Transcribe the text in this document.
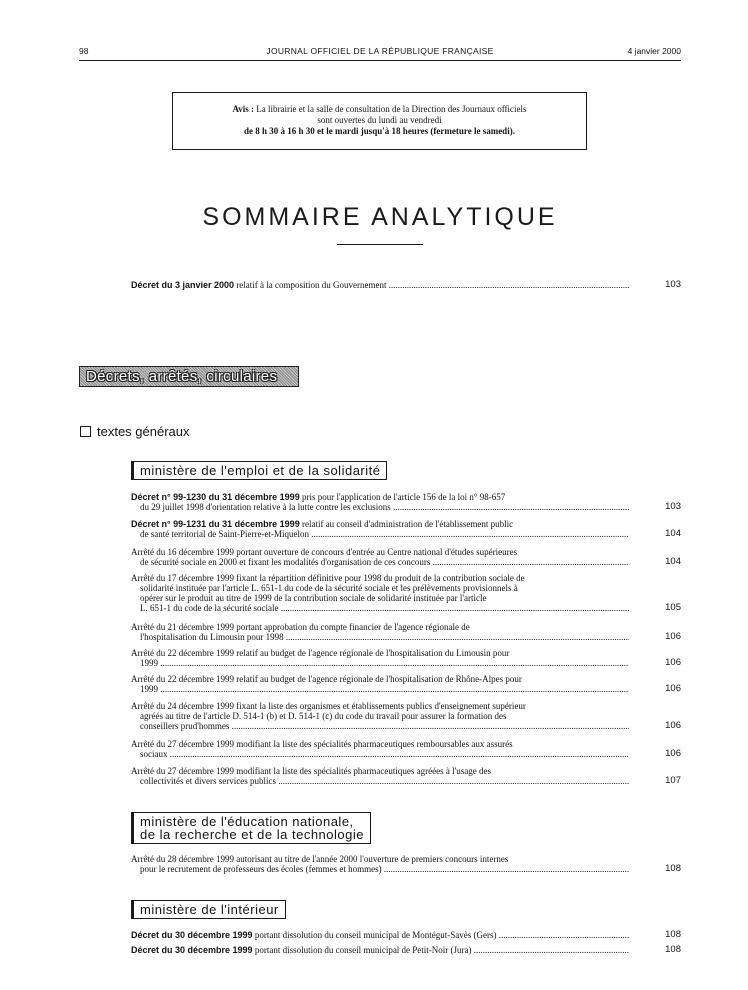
98	JOURNAL OFFICIEL DE LA RÉPUBLIQUE FRANÇAISE	4 janvier 2000
Avis : La librairie et la salle de consultation de la Direction des Journaux officiels
sont ouvertes du lundi au vendredi
de 8 h 30 à 16 h 30 et le mardi jusqu'à 18 heures (fermeture le samedi).
SOMMAIRE ANALYTIQUE
Décret du 3 janvier 2000 relatif à la composition du Gouvernement .....	103
Décrets, arrêtés, circulaires
textes généraux
ministère de l'emploi et de la solidarité
Décret n° 99-1230 du 31 décembre 1999 pris pour l'application de l'article 156 de la loi n° 98-657
du 29 juillet 1998 d'orientation relative à la lutte contre les exclusions .....	103
Décret n° 99-1231 du 31 décembre 1999 relatif au conseil d'administration de l'établissement public
de santé territorial de Saint-Pierre-et-Miquelon .....	104
Arrêté du 16 décembre 1999 portant ouverture de concours d'entrée au Centre national d'études supérieures
de sécurité sociale en 2000 et fixant les modalités d'organisation de ces concours .....	104
Arrêté du 17 décembre 1999 fixant la répartition définitive pour 1998 du produit de la contribution sociale de
solidarité instituée par l'article L. 651-1 du code de la sécurité sociale et les prélèvements provisionnels à
opérer sur le produit au titre de 1999 de la contribution sociale de solidarité instituée par l'article
L. 651-1 du code de la sécurité sociale .....	105
Arrêté du 21 décembre 1999 portant approbation du compte financier de l'agence régionale de
l'hospitalisation du Limousin pour 1998 .....	106
Arrêté du 22 décembre 1999 relatif au budget de l'agence régionale de l'hospitalisation du Limousin pour
1999 .....	106
Arrêté du 22 décembre 1999 relatif au budget de l'agence régionale de l'hospitalisation de Rhône-Alpes pour
1999 .....	106
Arrêté du 24 décembre 1999 fixant la liste des organismes et établissements publics d'enseignement supérieur
agréés au titre de l'article D. 514-1 (b) et D. 514-1 (c) du code du travail pour assurer la formation des
conseillers prud'hommes .....	106
Arrêté du 27 décembre 1999 modifiant la liste des spécialités pharmaceutiques remboursables aux assurés
sociaux .....	106
Arrêté du 27 décembre 1999 modifiant la liste des spécialités pharmaceutiques agréées à l'usage des
collectivités et divers services publics .....	107
ministère de l'éducation nationale,
de la recherche et de la technologie
Arrêté du 28 décembre 1999 autorisant au titre de l'année 2000 l'ouverture de premiers concours internes
pour le recrutement de professeurs des écoles (femmes et hommes) .....	108
ministère de l'intérieur
Décret du 30 décembre 1999 portant dissolution du conseil municipal de Montégut-Savès (Gers) .....	108
Décret du 30 décembre 1999 portant dissolution du conseil municipal de Petit-Noir (Jura) .....	108
